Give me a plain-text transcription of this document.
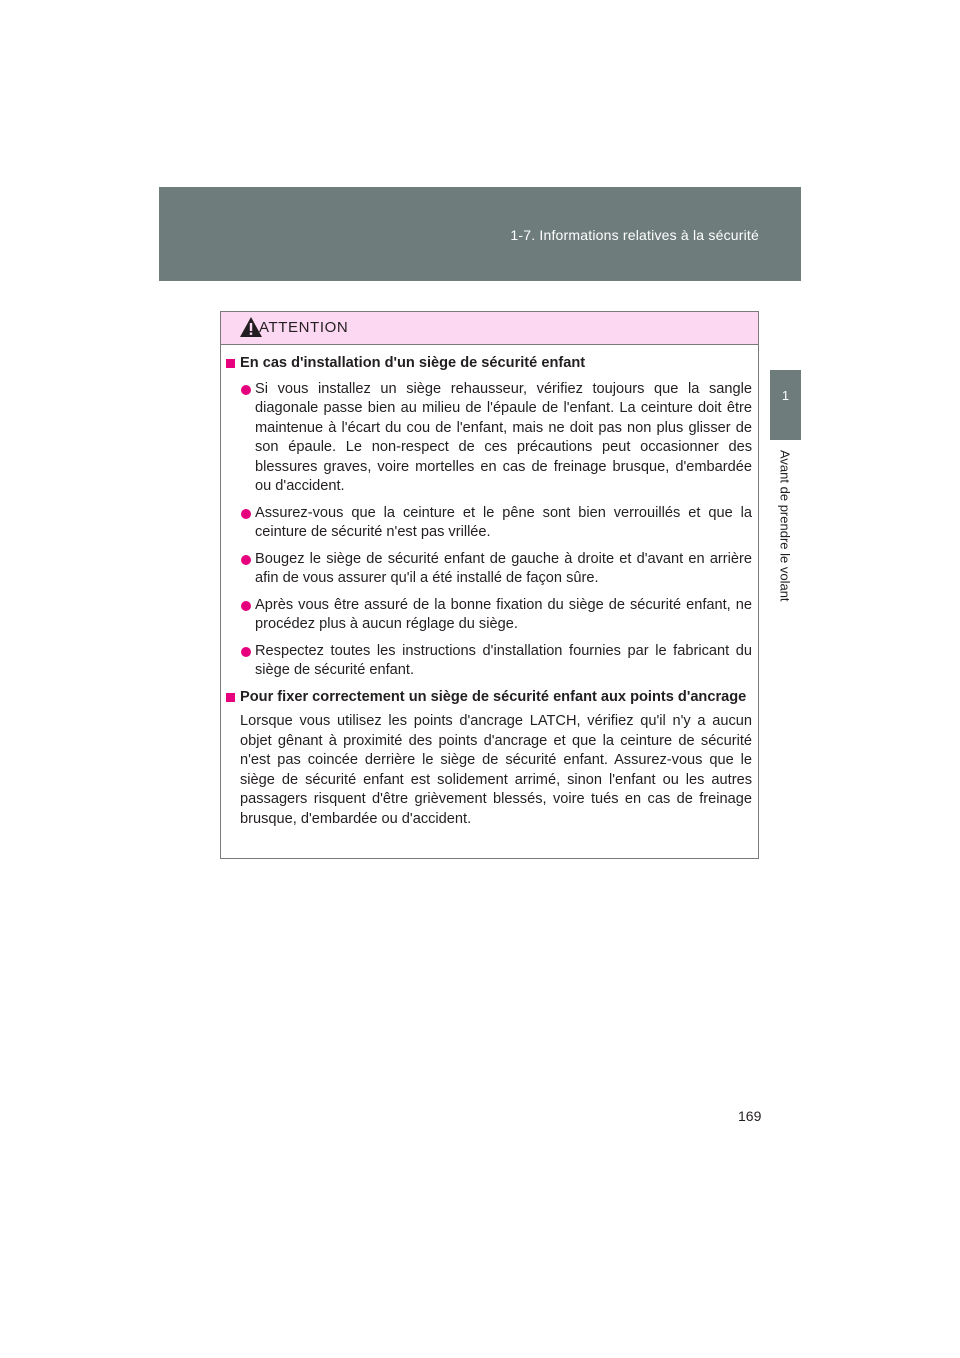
1-7. Informations relatives à la sécurité
1
Avant de prendre le volant
ATTENTION
En cas d'installation d'un siège de sécurité enfant
Si vous installez un siège rehausseur, vérifiez toujours que la sangle diagonale passe bien au milieu de l'épaule de l'enfant. La ceinture doit être maintenue à l'écart du cou de l'enfant, mais ne doit pas non plus glisser de son épaule. Le non-respect de ces précautions peut occasionner des blessures graves, voire mortelles en cas de freinage brusque, d'embardée ou d'accident.
Assurez-vous que la ceinture et le pêne sont bien verrouillés et que la ceinture de sécurité n'est pas vrillée.
Bougez le siège de sécurité enfant de gauche à droite et d'avant en arrière afin de vous assurer qu'il a été installé de façon sûre.
Après vous être assuré de la bonne fixation du siège de sécurité enfant, ne procédez plus à aucun réglage du siège.
Respectez toutes les instructions d'installation fournies par le fabricant du siège de sécurité enfant.
Pour fixer correctement un siège de sécurité enfant aux points d'ancrage
Lorsque vous utilisez les points d'ancrage LATCH, vérifiez qu'il n'y a aucun objet gênant à proximité des points d'ancrage et que la ceinture de sécurité n'est pas coincée derrière le siège de sécurité enfant. Assurez-vous que le siège de sécurité enfant est solidement arrimé, sinon l'enfant ou les autres passagers risquent d'être grièvement blessés, voire tués en cas de freinage brusque, d'embardée ou d'accident.
169
